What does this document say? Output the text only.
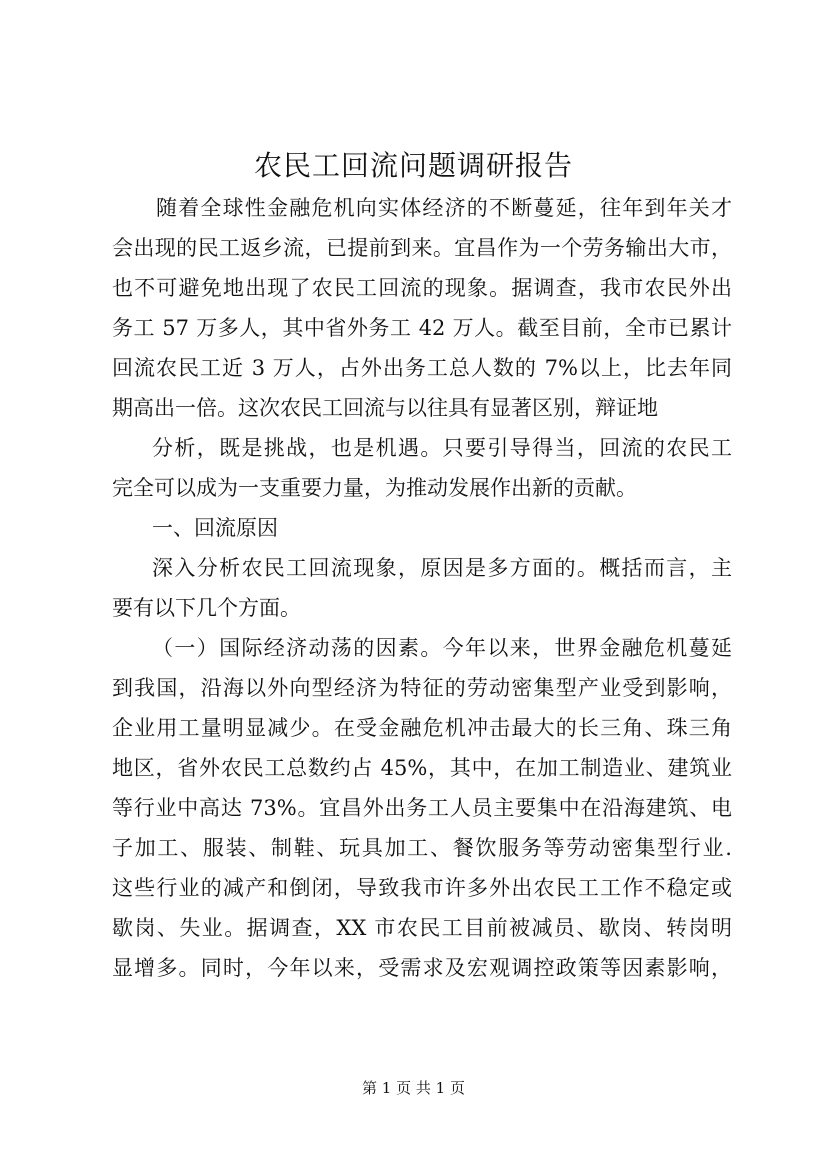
农民工回流问题调研报告
随着全球性金融危机向实体经济的不断蔓延，往年到年关才
会出现的民工返乡流，已提前到来。宜昌作为一个劳务输出大市，
也不可避免地出现了农民工回流的现象。据调查，我市农民外出
务工 57 万多人，其中省外务工 42 万人。截至目前，全市已累计
回流农民工近 3 万人，占外出务工总人数的 7%以上，比去年同
期高出一倍。这次农民工回流与以往具有显著区别，辩证地
分析，既是挑战，也是机遇。只要引导得当，回流的农民工
完全可以成为一支重要力量，为推动发展作出新的贡献。
一、回流原因
深入分析农民工回流现象，原因是多方面的。概括而言，主
要有以下几个方面。
（一）国际经济动荡的因素。今年以来，世界金融危机蔓延
到我国，沿海以外向型经济为特征的劳动密集型产业受到影响，
企业用工量明显减少。在受金融危机冲击最大的长三角、珠三角
地区，省外农民工总数约占 45%，其中，在加工制造业、建筑业
等行业中高达 73%。宜昌外出务工人员主要集中在沿海建筑、电
子加工、服装、制鞋、玩具加工、餐饮服务等劳动密集型行业.
这些行业的减产和倒闭，导致我市许多外出农民工工作不稳定或
歇岗、失业。据调查，XX 市农民工目前被减员、歇岗、转岗明
显增多。同时，今年以来，受需求及宏观调控政策等因素影响，
第 1 页 共 1 页
